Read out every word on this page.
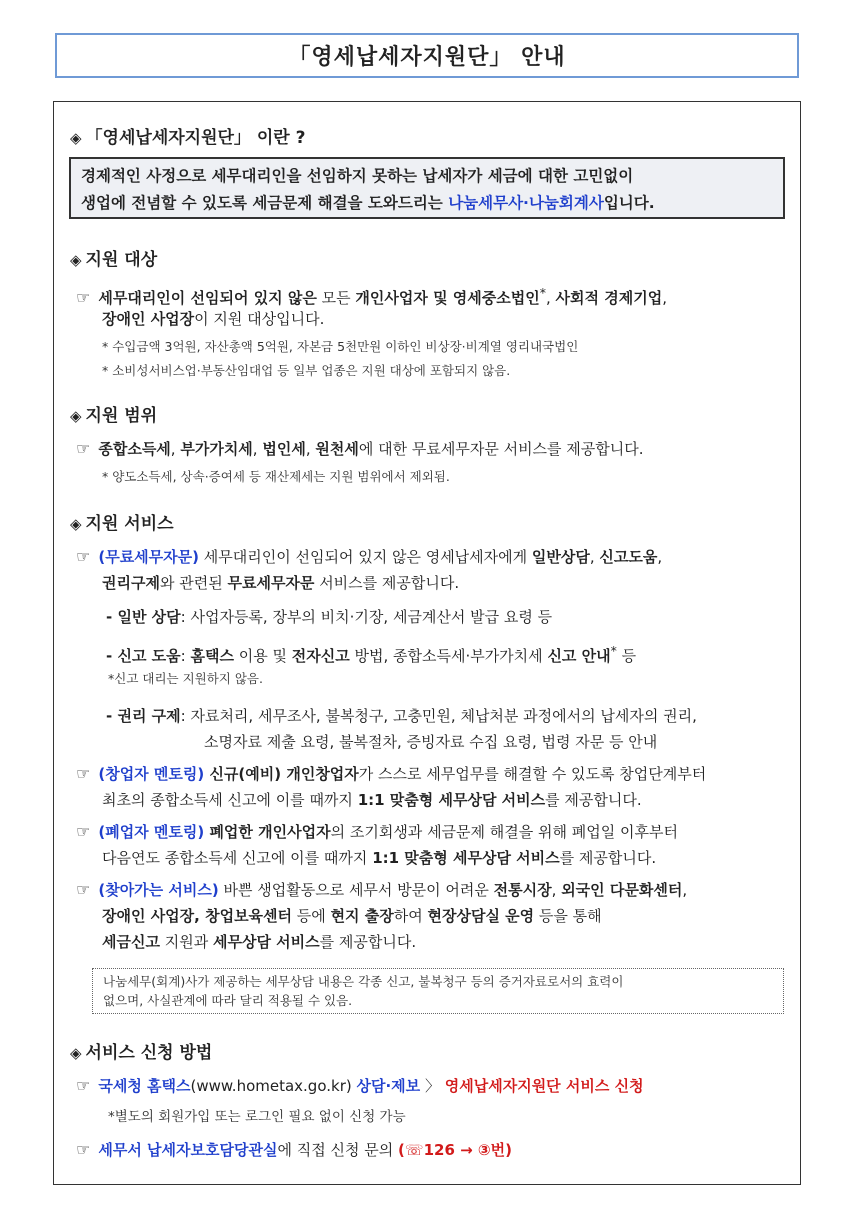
「영세납세자지원단」 안내
◈ 「영세납세자지원단」 이란 ?
경제적인 사정으로 세무대리인을 선임하지 못하는 납세자가 세금에 대한 고민없이
생업에 전념할 수 있도록 세금문제 해결을 도와드리는 나눔세무사·나눔회계사입니다.
◈ 지원 대상
☞ 세무대리인이 선임되어 있지 않은 모든 개인사업자 및 영세중소법인*, 사회적 경제기업,
장애인 사업장이 지원 대상입니다.
* 수입금액 3억원, 자산총액 5억원, 자본금 5천만원 이하인 비상장·비계열 영리내국법인
* 소비성서비스업·부동산임대업 등 일부 업종은 지원 대상에 포함되지 않음.
◈ 지원 범위
☞ 종합소득세, 부가가치세, 법인세, 원천세에 대한 무료세무자문 서비스를 제공합니다.
* 양도소득세, 상속·증여세 등 재산제세는 지원 범위에서 제외됨.
◈ 지원 서비스
☞ (무료세무자문) 세무대리인이 선임되어 있지 않은 영세납세자에게 일반상담, 신고도움,
권리구제와 관련된 무료세무자문 서비스를 제공합니다.
- 일반 상담: 사업자등록, 장부의 비치·기장, 세금계산서 발급 요령 등
- 신고 도움: 홈택스 이용 및 전자신고 방법, 종합소득세·부가가치세 신고 안내* 등
*신고 대리는 지원하지 않음.
- 권리 구제: 자료처리, 세무조사, 불복청구, 고충민원, 체납처분 과정에서의 납세자의 권리,
소명자료 제출 요령, 불복절차, 증빙자료 수집 요령, 법령 자문 등 안내
☞ (창업자 멘토링) 신규(예비) 개인창업자가 스스로 세무업무를 해결할 수 있도록 창업단계부터
최초의 종합소득세 신고에 이를 때까지 1:1 맞춤형 세무상담 서비스를 제공합니다.
☞ (폐업자 멘토링) 폐업한 개인사업자의 조기회생과 세금문제 해결을 위해 폐업일 이후부터
다음연도 종합소득세 신고에 이를 때까지 1:1 맞춤형 세무상담 서비스를 제공합니다.
☞ (찾아가는 서비스) 바쁜 생업활동으로 세무서 방문이 어려운 전통시장, 외국인 다문화센터,
장애인 사업장, 창업보육센터 등에 현지 출장하여 현장상담실 운영 등을 통해
세금신고 지원과 세무상담 서비스를 제공합니다.
나눔세무(회계)사가 제공하는 세무상담 내용은 각종 신고, 불복청구 등의 증거자료로서의 효력이
없으며, 사실관계에 따라 달리 적용될 수 있음.
◈ 서비스 신청 방법
☞ 국세청 홈택스(www.hometax.go.kr) 상담·제보 〉 영세납세자지원단 서비스 신청
*별도의 회원가입 또는 로그인 필요 없이 신청 가능
☞ 세무서 납세자보호담당관실에 직접 신청 문의 (☏126 → ③번)
